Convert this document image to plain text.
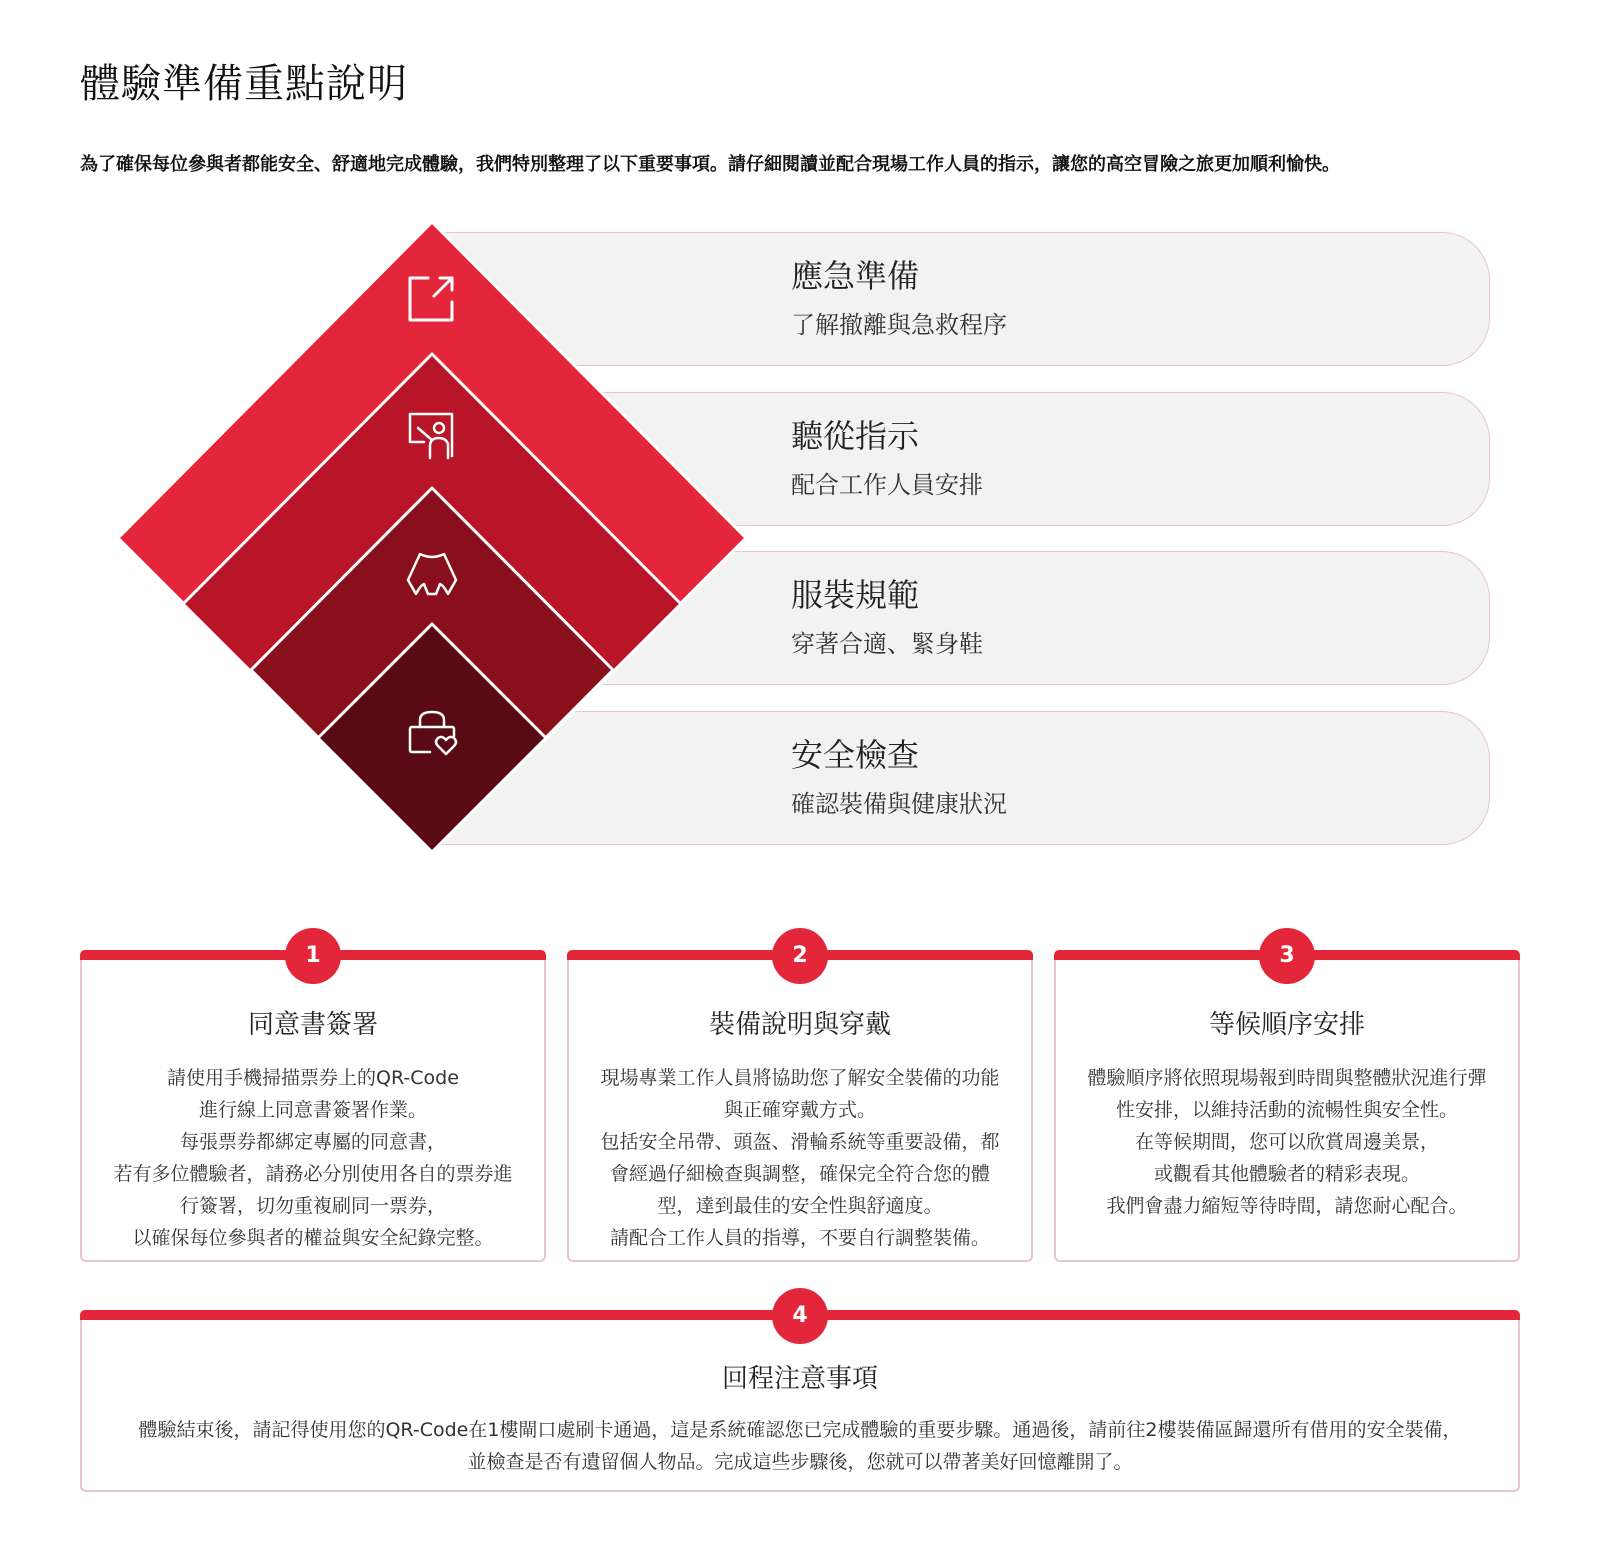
體驗準備重點說明

為了確保每位參與者都能安全、舒適地完成體驗，我們特別整理了以下重要事項。請仔細閱讀並配合現場工作人員的指示，讓您的高空冒險之旅更加順利愉快。

應急準備
了解撤離與急救程序
聽從指示
配合工作人員安排
服裝規範
穿著合適、緊身鞋
安全檢查
確認裝備與健康狀況
1
同意書簽署
請使用手機掃描票券上的QR-Code
進行線上同意書簽署作業。
每張票券都綁定專屬的同意書，
若有多位體驗者，請務必分別使用各自的票券進
行簽署，切勿重複刷同一票券，
以確保每位參與者的權益與安全紀錄完整。
2
裝備說明與穿戴
現場專業工作人員將協助您了解安全裝備的功能
與正確穿戴方式。
包括安全吊帶、頭盔、滑輪系統等重要設備，都
會經過仔細檢查與調整，確保完全符合您的體
型，達到最佳的安全性與舒適度。
請配合工作人員的指導，不要自行調整裝備。
3
等候順序安排
體驗順序將依照現場報到時間與整體狀況進行彈
性安排，以維持活動的流暢性與安全性。
在等候期間，您可以欣賞周邊美景，
或觀看其他體驗者的精彩表現。
我們會盡力縮短等待時間，請您耐心配合。
4
回程注意事項
體驗結束後，請記得使用您的QR-Code在1樓閘口處刷卡通過，這是系統確認您已完成體驗的重要步驟。通過後，請前往2樓裝備區歸還所有借用的安全裝備，
並檢查是否有遺留個人物品。完成這些步驟後，您就可以帶著美好回憶離開了。
